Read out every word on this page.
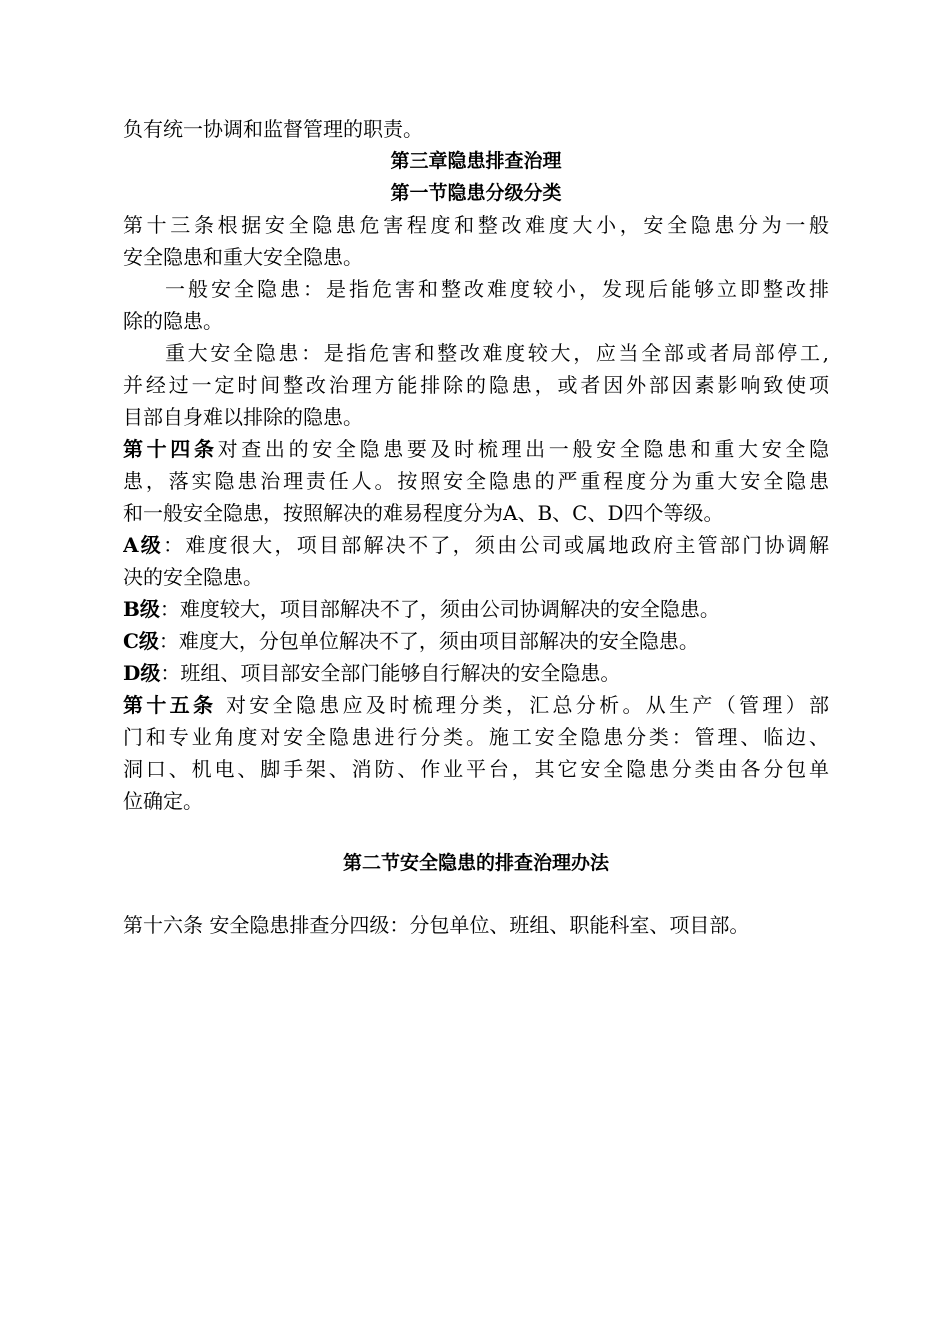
负有统一协调和监督管理的职责。
第三章隐患排查治理
第一节隐患分级分类
第十三条根据安全隐患危害程度和整改难度大小，安全隐患分为一般
安全隐患和重大安全隐患。
一般安全隐患：是指危害和整改难度较小，发现后能够立即整改排
除的隐患。
重大安全隐患：是指危害和整改难度较大，应当全部或者局部停工,
并经过一定时间整改治理方能排除的隐患，或者因外部因素影响致使项
目部自身难以排除的隐患。
第十四条对查出的安全隐患要及时梳理出一般安全隐患和重大安全隐
患，落实隐患治理责任人。按照安全隐患的严重程度分为重大安全隐患
和一般安全隐患，按照解决的难易程度分为A、B、C、D四个等级。
A级：难度很大，项目部解决不了，须由公司或属地政府主管部门协调解
决的安全隐患。
B级：难度较大，项目部解决不了，须由公司协调解决的安全隐患。
C级：难度大，分包单位解决不了，须由项目部解决的安全隐患。
D级：班组、项目部安全部门能够自行解决的安全隐患。
第十五条 对安全隐患应及时梳理分类，汇总分析。从生产（管理）部
门和专业角度对安全隐患进行分类。施工安全隐患分类：管理、临边、
洞口、机电、脚手架、消防、作业平台，其它安全隐患分类由各分包单
位确定。
第二节安全隐患的排查治理办法
第十六条 安全隐患排查分四级：分包单位、班组、职能科室、项目部。
